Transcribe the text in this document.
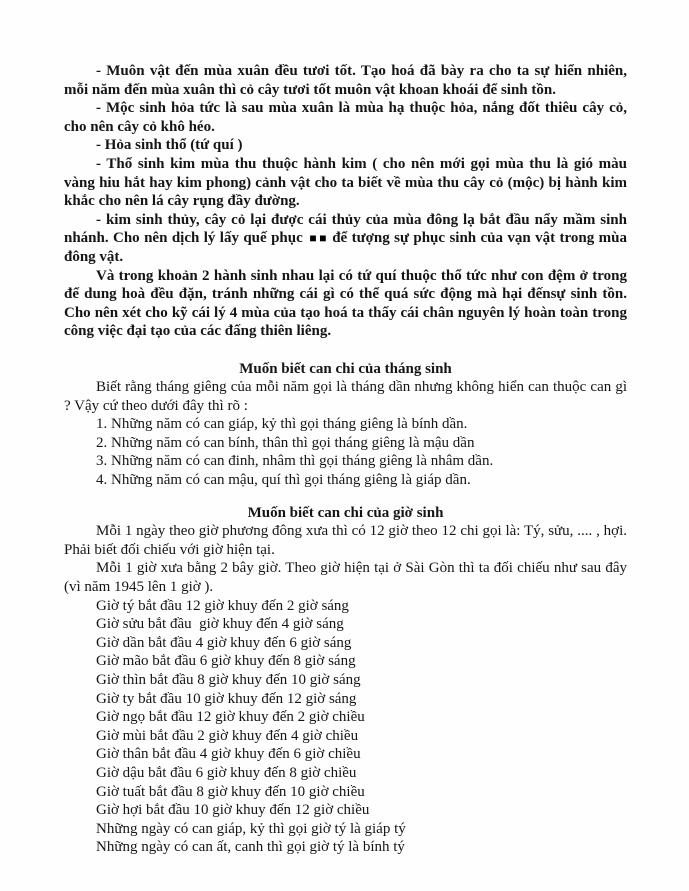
- Muôn vật đến mùa xuân đều tươi tốt. Tạo hoá đã bày ra cho ta sự hiển nhiên, mỗi năm đến mùa xuân thì cỏ cây tươi tốt muôn vật khoan khoái để sinh tồn.

- Mộc sinh hỏa tức là sau mùa xuân là mùa hạ thuộc hỏa, nắng đốt thiêu cây cỏ, cho nên cây cỏ khô héo.

- Hỏa sinh thổ (tứ quí )

- Thổ sinh kim mùa thu thuộc hành kim ( cho nên mới gọi mùa thu là gió màu vàng hiu hắt hay kim phong) cảnh vật cho ta biết về mùa thu cây cỏ (mộc) bị hành kim khắc cho nên lá cây rụng đầy đường.

- kim sinh thủy, cây cỏ lại được cái thủy của mùa đông lạ bắt đầu nẩy mầm sinh nhánh. Cho nên dịch lý lấy quế phục ■■ để tượng sự phục sinh của vạn vật trong mùa đông vật.

Và trong khoản 2 hành sinh nhau lại có tứ quí thuộc thổ tức như con đệm ở trong để dung hoà đều đặn, tránh những cái gì có thể quá sức động mà hại đếnsự sinh tồn. Cho nên xét cho kỹ cái lý 4 mùa của tạo hoá ta thấy cái chân nguyên lý hoàn toàn trong công việc đại tạo của các đấng thiên liêng.

Muốn biết can chi của tháng sinh

Biết rằng tháng giêng của mỗi năm gọi là tháng dần nhưng không hiển can thuộc can gì ? Vậy cứ theo dưới đây thì rõ :

1. Những năm có can giáp, kỷ thì gọi tháng giêng là bính dần.
2. Những năm có can bính, thân thì gọi tháng giêng là mậu dần
3. Những năm có can đinh, nhâm thì gọi tháng giêng là nhâm dần.
4. Những năm có can mậu, quí thì gọi tháng giêng là giáp dần.
Muốn biết can chi của giờ sinh

Mỗi 1 ngày theo giờ phương đông xưa thì có 12 giờ theo 12 chi gọi là: Tý, sửu, .... , hợi. Phải biết đối chiếu với giờ hiện tại.

Mỗi 1 giờ xưa bằng 2 bây giờ. Theo giờ hiện tại ở Sài Gòn thì ta đối chiếu như sau đây (vì năm 1945 lên 1 giờ ).

Giờ tý bắt đầu 12 giờ khuy đến 2 giờ sáng
Giờ sửu bắt đầu  giờ khuy đến 4 giờ sáng
Giờ dần bắt đầu 4 giờ khuy đến 6 giờ sáng
Giờ mão bắt đầu 6 giờ khuy đến 8 giờ sáng
Giờ thìn bắt đầu 8 giờ khuy đến 10 giờ sáng
Giờ ty bắt đầu 10 giờ khuy đến 12 giờ sáng
Giờ ngọ bắt đầu 12 giờ khuy đến 2 giờ chiều
Giờ mùi bắt đầu 2 giờ khuy đến 4 giờ chiều
Giờ thân bắt đầu 4 giờ khuy đến 6 giờ chiều
Giờ dậu bắt đầu 6 giờ khuy đến 8 giờ chiều
Giờ tuất bắt đầu 8 giờ khuy đến 10 giờ chiều
Giờ hợi bắt đầu 10 giờ khuy đến 12 giờ chiều
Những ngày có can giáp, kỷ thì gọi giờ tý là giáp tý
Những ngày có can ất, canh thì gọi giờ tý là bính tý
